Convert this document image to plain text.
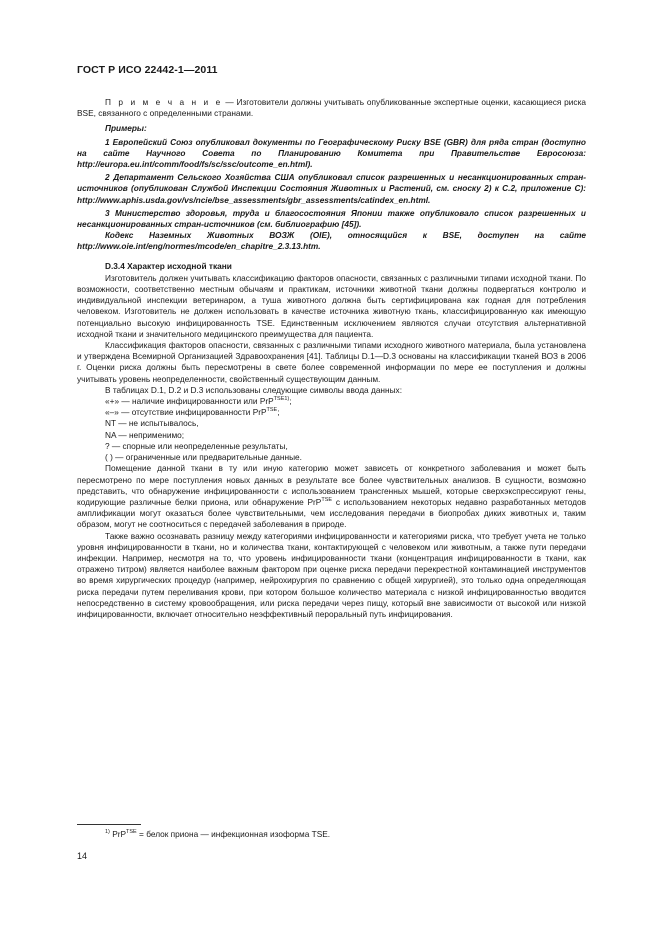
ГОСТ Р ИСО 22442-1—2011

П р и м е ч а н и е — Изготовители должны учитывать опубликованные экспертные оценки, касающиеся риска BSE, связанного с определенными странами.

Примеры:

1 Европейский Союз опубликовал документы по Географическому Риску BSE (GBR) для ряда стран (доступно на сайте Научного Совета по Планированию Комитета при Правительстве Евросоюза: http://europa.eu.int/comm/food/fs/sc/ssc/outcome_en.html).

2 Департамент Сельского Хозяйства США опубликовал список разрешенных и несанкционированных стран-источников (опубликован Службой Инспекции Состояния Животных и Растений, см. сноску 2) к С.2, приложение С): http://www.aphis.usda.gov/vs/ncie/bse_assessments/gbr_assessments/catindex_en.html.

3 Министерство здоровья, труда и благосостояния Японии также опубликовало список разрешенных и несанкционированных стран-источников (см. библиографию [45]).

Кодекс Наземных Животных ВОЗЖ (OIE), относящийся к BSE, доступен на сайте

http://www.oie.int/eng/normes/mcode/en_chapitre_2.3.13.htm.

D.3.4 Характер исходной ткани

Изготовитель должен учитывать классификацию факторов опасности, связанных с различными типами исходной ткани. По возможности, соответственно местным обычаям и практикам, источники животной ткани должны подвергаться контролю и индивидуальной инспекции ветеринаром, а туша животного должна быть сертифицирована как годная для потребления человеком. Изготовитель не должен использовать в качестве источника животную ткань, классифицированную как имеющую потенциально высокую инфицированность TSE. Единственным исключением являются случаи отсутствия альтернативной исходной ткани и значительного медицинского преимущества для пациента.

Классификация факторов опасности, связанных с различными типами исходного животного материала, была установлена и утверждена Всемирной Организацией Здравоохранения [41]. Таблицы D.1—D.3 основаны на классификации тканей ВОЗ в 2006 г. Оценки риска должны быть пересмотрены в свете более современной информации по мере ее поступления и должны учитывать уровень неопределенности, свойственный существующим данным.

В таблицах D.1, D.2 и D.3 использованы следующие символы ввода данных:

«+» — наличие инфицированности или PrP$^{TSE1)}$;

«–» — отсутствие инфицированности PrP$^{TSE}$;

NT — не испытывалось,

NA — неприменимо;

? — спорные или неопределенные результаты,

( ) — ограниченные или предварительные данные.

Помещение данной ткани в ту или иную категорию может зависеть от конкретного заболевания и может быть пересмотрено по мере поступления новых данных в результате все более чувствительных анализов. В сущности, возможно представить, что обнаружение инфицированности с использованием трансгенных мышей, которые сверхэкспрессируют гены, кодирующие различные белки приона, или обнаружение PrP$^{TSE}$ с использованием некоторых недавно разработанных методов амплификации могут оказаться более чувствительными, чем исследования передачи в биопробах диких животных и, таким образом, могут не соотноситься с передачей заболевания в природе.

Также важно осознавать разницу между категориями инфицированности и категориями риска, что требует учета не только уровня инфицированности в ткани, но и количества ткани, контактирующей с человеком или животным, а также пути передачи инфекции. Например, несмотря на то, что уровень инфицированности ткани (концентрация инфицированности в ткани, как отражено титром) является наиболее важным фактором при оценке риска передачи перекрестной контаминацией инструментов во время хирургических процедур (например, нейрохирургия по сравнению с общей хирургией), это только одна определяющая риска передачи путем переливания крови, при котором большое количество материала с низкой инфицированностью вводится непосредственно в систему кровообращения, или риска передачи через пищу, который вне зависимости от высокой или низкой инфицированности, включает относительно неэффективный пероральный путь инфицирования.

$^{1)}$ PrP$^{TSE}$ = белок приона — инфекционная изоформа TSE.
14
